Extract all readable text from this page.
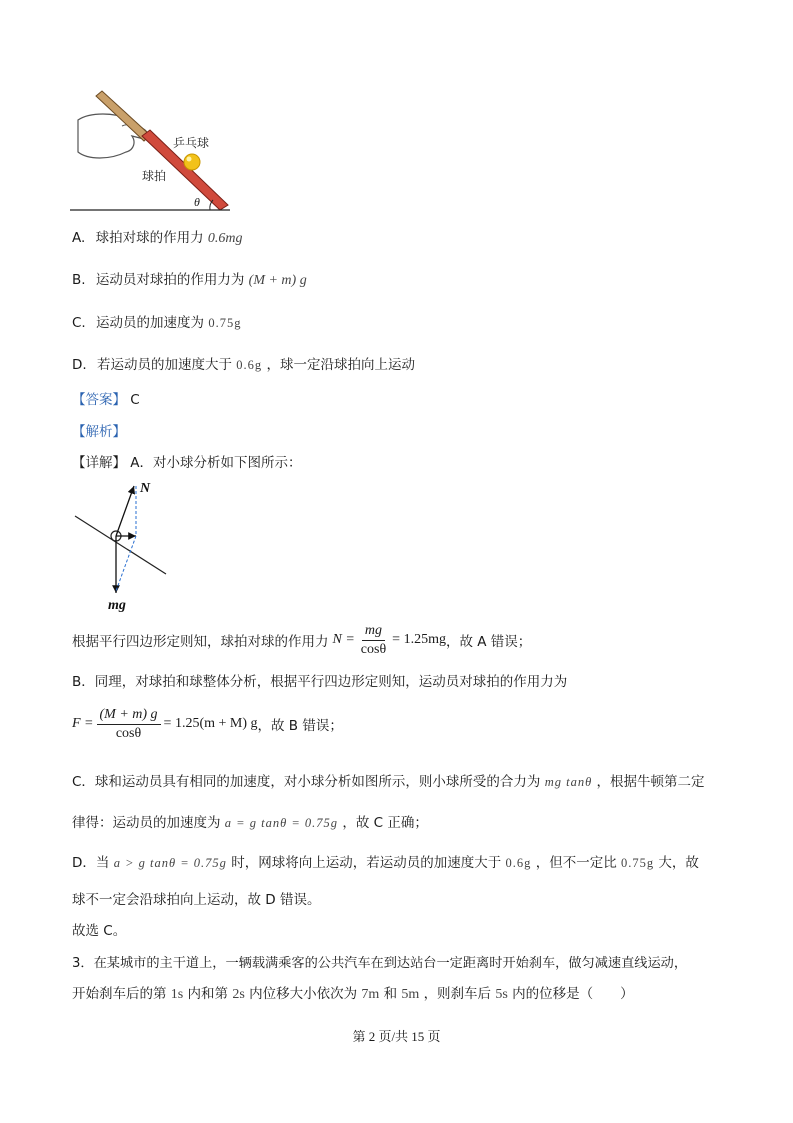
乒乓球
球拍
θ
A. 球拍对球的作用力 0.6mg
B. 运动员对球拍的作用力为 (M + m) g
C. 运动员的加速度为 0.75g
D. 若运动员的加速度大于 0.6g ，球一定沿球拍向上运动
【答案】 C
【解析】
【详解】 A．对小球分析如下图所示：
N
mg
根据平行四边形定则知，球拍对球的作用力 $N = \frac{mg}{\cos\theta} = 1.25mg$ ，故 A 错误；
B．同理，对球拍和球整体分析，根据平行四边形定则知，运动员对球拍的作用力为
$F = \frac{(M + m) g}{\cos\theta} = 1.25(m + M)$ g ，故 B 错误；
C．球和运动员具有相同的加速度，对小球分析如图所示，则小球所受的合力为 mg tanθ ，根据牛顿第二定
律得：运动员的加速度为 a = g tanθ = 0.75g ，故 C 正确；
D．当 a > g tanθ = 0.75g 时，网球将向上运动，若运动员的加速度大于 0.6g ，但不一定比 0.75g 大，故
球不一定会沿球拍向上运动，故 D 错误。
故选 C。
3．在某城市的主干道上，一辆载满乘客的公共汽车在到达站台一定距离时开始刹车，做匀减速直线运动，
开始刹车后的第 1s 内和第 2s 内位移大小依次为 7m 和 5m ，则刹车后 5s 内的位移是（　　）
第 2 页/共 15 页
